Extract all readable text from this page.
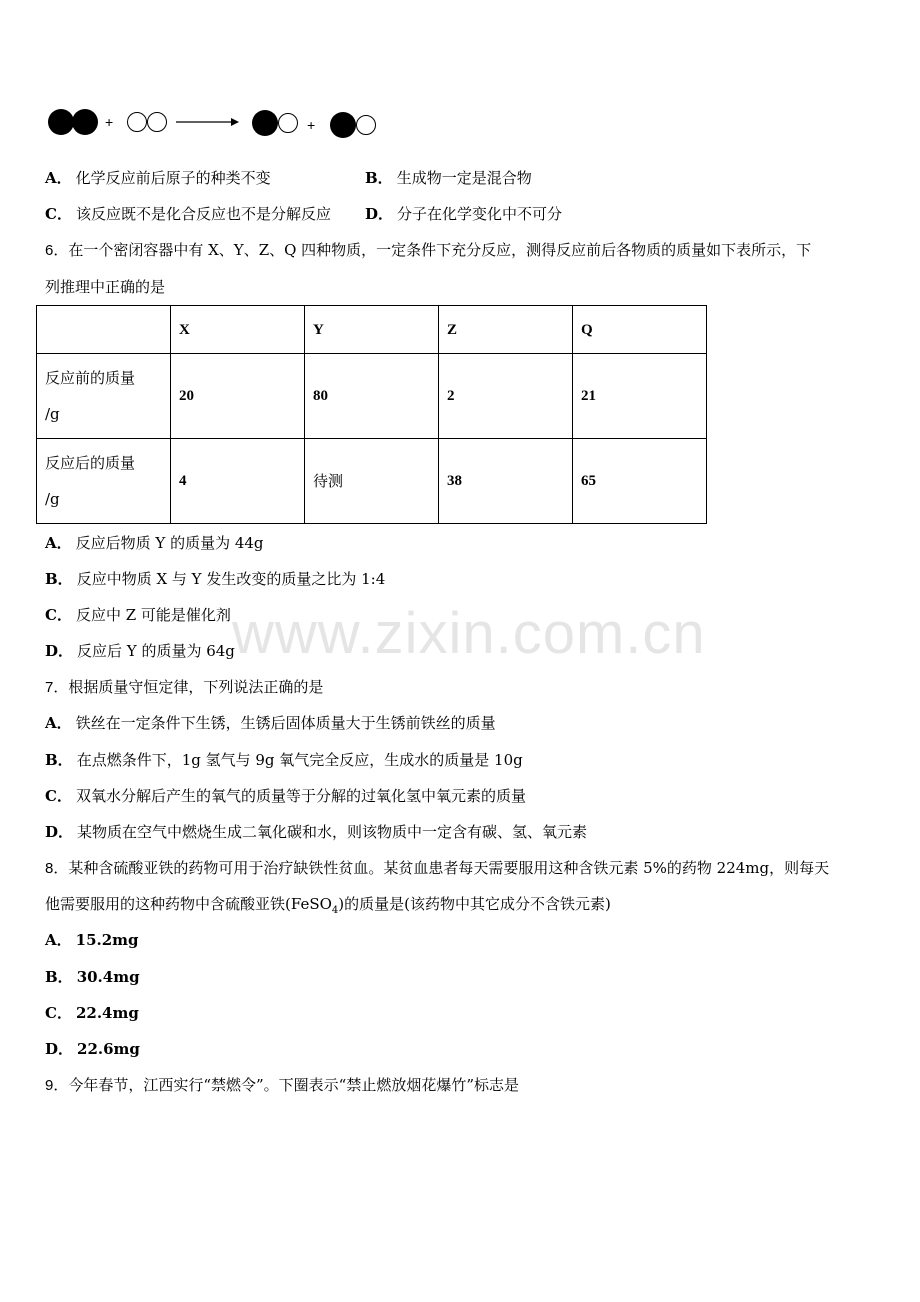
+	+
A． 化学反应前后原子的种类不变	B． 生成物一定是混合物
C． 该反应既不是化合反应也不是分解反应 D． 分子在化学变化中不可分
6．在一个密闭容器中有 X、Y、Z、Q 四种物质，一定条件下充分反应，测得反应前后各物质的质量如下表所示，下
列推理中正确的是
	X	Y	Z	Q
反应前的质量
/g	20	80	2	21
反应后的质量
/g	4	待测	38	65
A． 反应后物质 Y 的质量为 44g
B． 反应中物质 X 与 Y 发生改变的质量之比为 1:4
C． 反应中 Z 可能是催化剂
D． 反应后 Y 的质量为 64g
7．根据质量守恒定律，下列说法正确的是
A． 铁丝在一定条件下生锈，生锈后固体质量大于生锈前铁丝的质量
B． 在点燃条件下，1g 氢气与 9g 氧气完全反应，生成水的质量是 10g
C． 双氧水分解后产生的氧气的质量等于分解的过氧化氢中氧元素的质量
D． 某物质在空气中燃烧生成二氧化碳和水，则该物质中一定含有碳、氢、氧元素
8．某种含硫酸亚铁的药物可用于治疗缺铁性贫血。某贫血患者每天需要服用这种含铁元素 5%的药物 224mg，则每天
他需要服用的这种药物中含硫酸亚铁(FeSO$_4$)的质量是(该药物中其它成分不含铁元素)
A． 15.2mg
B． 30.4mg
C． 22.4mg
D． 22.6mg
9．今年春节，江西实行“禁燃令”。下圈表示“禁止燃放烟花爆竹”标志是
www.zixin.com.cn
